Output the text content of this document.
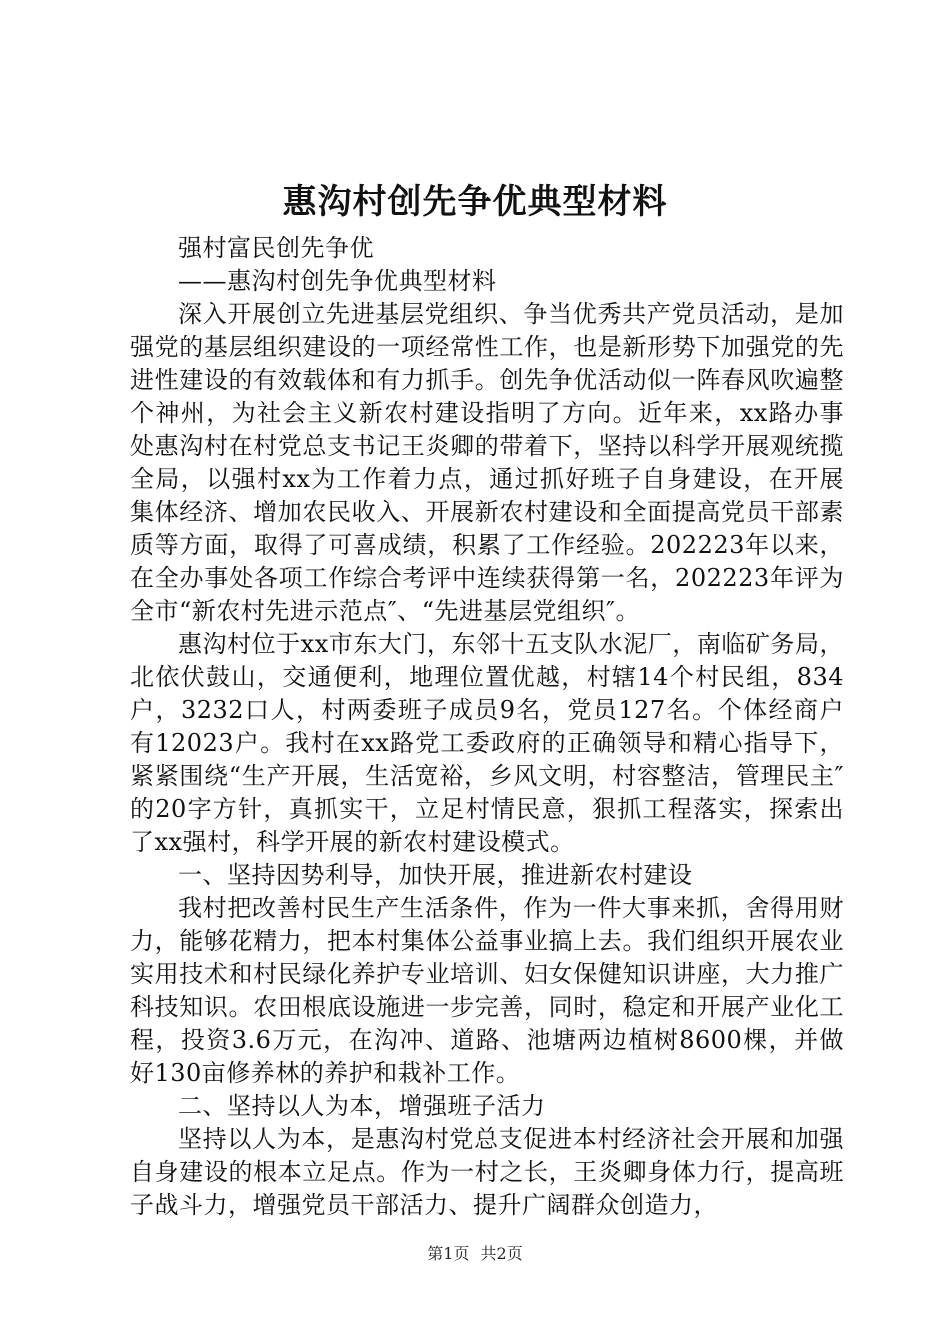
惠沟村创先争优典型材料

强村富民创先争优

——惠沟村创先争优典型材料

深入开展创立先进基层党组织、争当优秀共产党员活动，是加强党的基层组织建设的一项经常性工作，也是新形势下加强党的先进性建设的有效载体和有力抓手。创先争优活动似一阵春风吹遍整个神州，为社会主义新农村建设指明了方向。近年来，xx路办事处惠沟村在村党总支书记王炎卿的带着下，坚持以科学开展观统揽全局，以强村xx为工作着力点，通过抓好班子自身建设，在开展集体经济、增加农民收入、开展新农村建设和全面提高党员干部素质等方面，取得了可喜成绩，积累了工作经验。202223年以来，在全办事处各项工作综合考评中连续获得第一名，202223年评为全市“新农村先进示范点″、“先进基层党组织″。

惠沟村位于xx市东大门，东邻十五支队水泥厂，南临矿务局，北依伏鼓山，交通便利，地理位置优越，村辖14个村民组，834户，3232口人，村两委班子成员9名，党员127名。个体经商户有12023户。我村在xx路党工委政府的正确领导和精心指导下，紧紧围绕“生产开展，生活宽裕，乡风文明，村容整洁，管理民主″的20字方针，真抓实干，立足村情民意，狠抓工程落实，探索出了xx强村，科学开展的新农村建设模式。

一、坚持因势利导，加快开展，推进新农村建设

我村把改善村民生产生活条件，作为一件大事来抓，舍得用财力，能够花精力，把本村集体公益事业搞上去。我们组织开展农业实用技术和村民绿化养护专业培训、妇女保健知识讲座，大力推广科技知识。农田根底设施进一步完善，同时，稳定和开展产业化工程，投资3.6万元，在沟冲、道路、池塘两边植树8600棵，并做好130亩修养林的养护和栽补工作。

二、坚持以人为本，增强班子活力

坚持以人为本，是惠沟村党总支促进本村经济社会开展和加强自身建设的根本立足点。作为一村之长，王炎卿身体力行，提高班子战斗力，增强党员干部活力、提升广阔群众创造力，

第1页 共2页
